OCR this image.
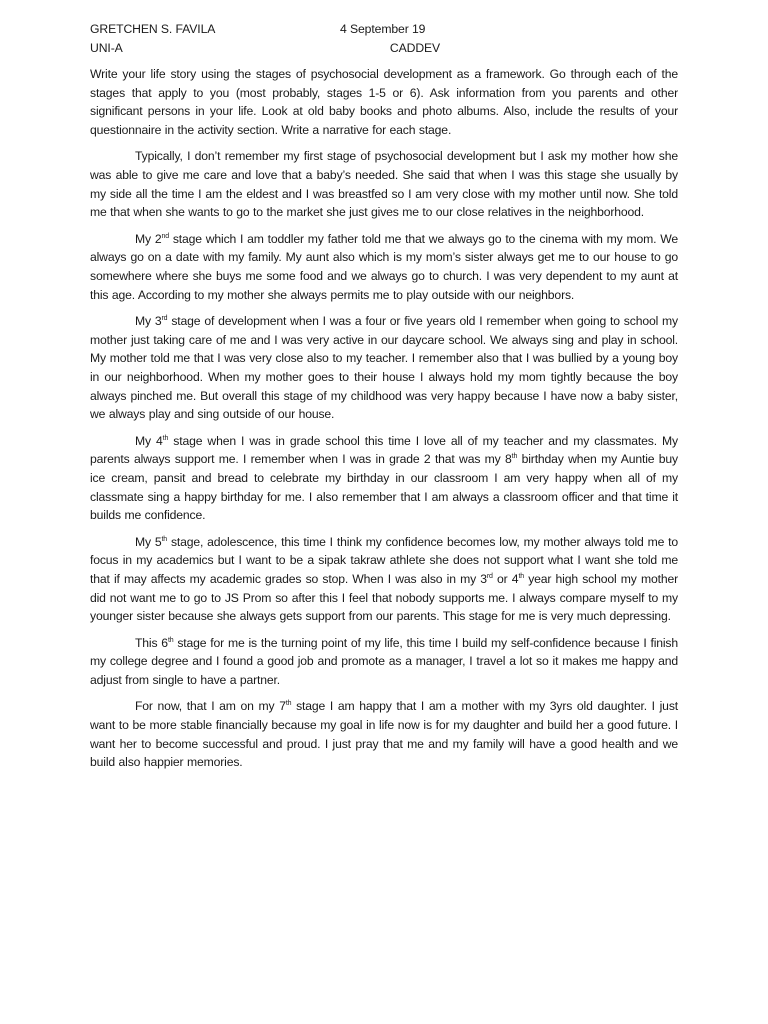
GRETCHEN S. FAVILA	4 September 19
UNI-A	CADDEV

Write your life story using the stages of psychosocial development as a framework. Go through each of the stages that apply to you (most probably, stages 1-5 or 6). Ask information from you parents and other significant persons in your life. Look at old baby books and photo albums. Also, include the results of your questionnaire in the activity section. Write a narrative for each stage.

Typically, I don’t remember my first stage of psychosocial development but I ask my mother how she was able to give me care and love that a baby’s needed. She said that when I was this stage she usually by my side all the time I am the eldest and I was breastfed so I am very close with my mother until now. She told me that when she wants to go to the market she just gives me to our close relatives in the neighborhood.

My 2nd stage which I am toddler my father told me that we always go to the cinema with my mom. We always go on a date with my family. My aunt also which is my mom’s sister always get me to our house to go somewhere where she buys me some food and we always go to church. I was very dependent to my aunt at this age. According to my mother she always permits me to play outside with our neighbors.

My 3rd stage of development when I was a four or five years old I remember when going to school my mother just taking care of me and I was very active in our daycare school. We always sing and play in school. My mother told me that I was very close also to my teacher. I remember also that I was bullied by a young boy in our neighborhood. When my mother goes to their house I always hold my mom tightly because the boy always pinched me. But overall this stage of my childhood was very happy because I have now a baby sister, we always play and sing outside of our house.

My 4th stage when I was in grade school this time I love all of my teacher and my classmates. My parents always support me. I remember when I was in grade 2 that was my 8th birthday when my Auntie buy ice cream, pansit and bread to celebrate my birthday in our classroom I am very happy when all of my classmate sing a happy birthday for me. I also remember that I am always a classroom officer and that time it builds me confidence.

My 5th stage, adolescence, this time I think my confidence becomes low, my mother always told me to focus in my academics but I want to be a sipak takraw athlete she does not support what I want she told me that if may affects my academic grades so stop. When I was also in my 3rd or 4th year high school my mother did not want me to go to JS Prom so after this I feel that nobody supports me. I always compare myself to my younger sister because she always gets support from our parents. This stage for me is very much depressing.

This 6th stage for me is the turning point of my life, this time I build my self-confidence because I finish my college degree and I found a good job and promote as a manager, I travel a lot so it makes me happy and adjust from single to have a partner.

For now, that I am on my 7th stage I am happy that I am a mother with my 3yrs old daughter. I just want to be more stable financially because my goal in life now is for my daughter and build her a good future. I want her to become successful and proud. I just pray that me and my family will have a good health and we build also happier memories.
